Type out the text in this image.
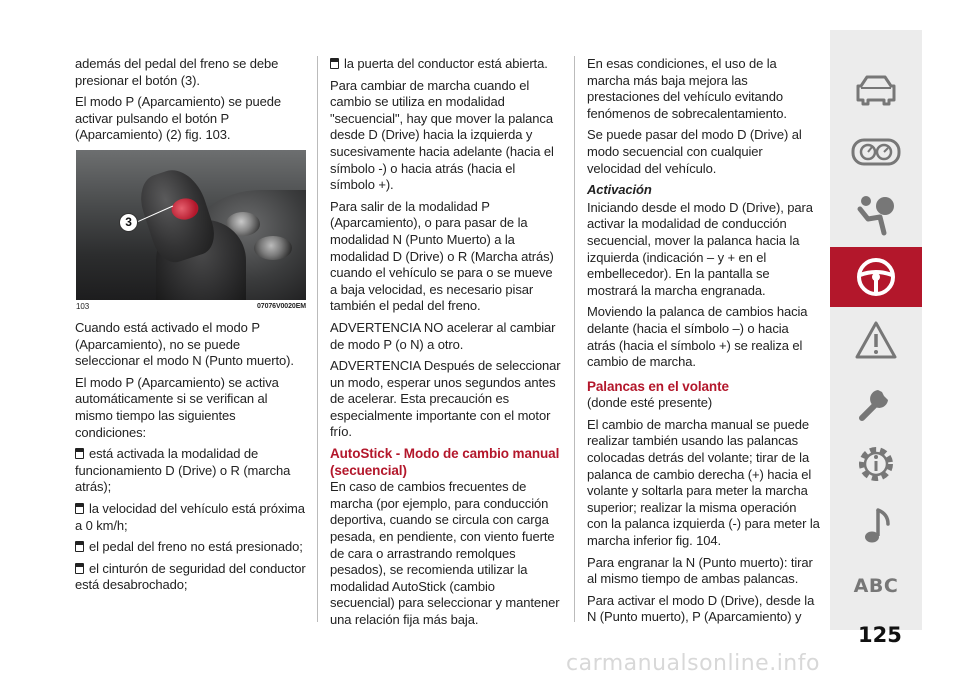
además del pedal del freno se debe presionar el botón (3).

El modo P (Aparcamiento) se puede activar pulsando el botón P (Aparcamiento) (2) fig. 103.

3
103	07076V0020EM

Cuando está activado el modo P (Aparcamiento), no se puede seleccionar el modo N (Punto muerto).

El modo P (Aparcamiento) se activa automáticamente si se verifican al mismo tiempo las siguientes condiciones:

está activada la modalidad de funcionamiento D (Drive) o R (marcha atrás);

la velocidad del vehículo está próxima a 0 km/h;

el pedal del freno no está presionado;

el cinturón de seguridad del conductor está desabrochado;

la puerta del conductor está abierta.

Para cambiar de marcha cuando el cambio se utiliza en modalidad "secuencial", hay que mover la palanca desde D (Drive) hacia la izquierda y sucesivamente hacia adelante (hacia el símbolo -) o hacia atrás (hacia el símbolo +).

Para salir de la modalidad P (Aparcamiento), o para pasar de la modalidad N (Punto Muerto) a la modalidad D (Drive) o R (Marcha atrás) cuando el vehículo se para o se mueve a baja velocidad, es necesario pisar también el pedal del freno.

ADVERTENCIA NO acelerar al cambiar de modo P (o N) a otro.

ADVERTENCIA Después de seleccionar un modo, esperar unos segundos antes de acelerar. Esta precaución es especialmente importante con el motor frío.

AutoStick - Modo de cambio manual (secuencial)

En caso de cambios frecuentes de marcha (por ejemplo, para conducción deportiva, cuando se circula con carga pesada, en pendiente, con viento fuerte de cara o arrastrando remolques pesados), se recomienda utilizar la modalidad AutoStick (cambio secuencial) para seleccionar y mantener una relación fija más baja.

En esas condiciones, el uso de la marcha más baja mejora las prestaciones del vehículo evitando fenómenos de sobrecalentamiento.

Se puede pasar del modo D (Drive) al modo secuencial con cualquier velocidad del vehículo.

Activación

Iniciando desde el modo D (Drive), para activar la modalidad de conducción secuencial, mover la palanca hacia la izquierda (indicación – y + en el embellecedor). En la pantalla se mostrará la marcha engranada.

Moviendo la palanca de cambios hacia delante (hacia el símbolo –) o hacia atrás (hacia el símbolo +) se realiza el cambio de marcha.

Palancas en el volante

(donde esté presente)

El cambio de marcha manual se puede realizar también usando las palancas colocadas detrás del volante; tirar de la palanca de cambio derecha (+) hacia el volante y soltarla para meter la marcha superior; realizar la misma operación con la palanca izquierda (-) para meter la marcha inferior fig. 104.

Para engranar la N (Punto muerto): tirar al mismo tiempo de ambas palancas.

Para activar el modo D (Drive), desde la N (Punto muerto), P (Aparcamiento) y

ABC
125
carmanualsonline.info
